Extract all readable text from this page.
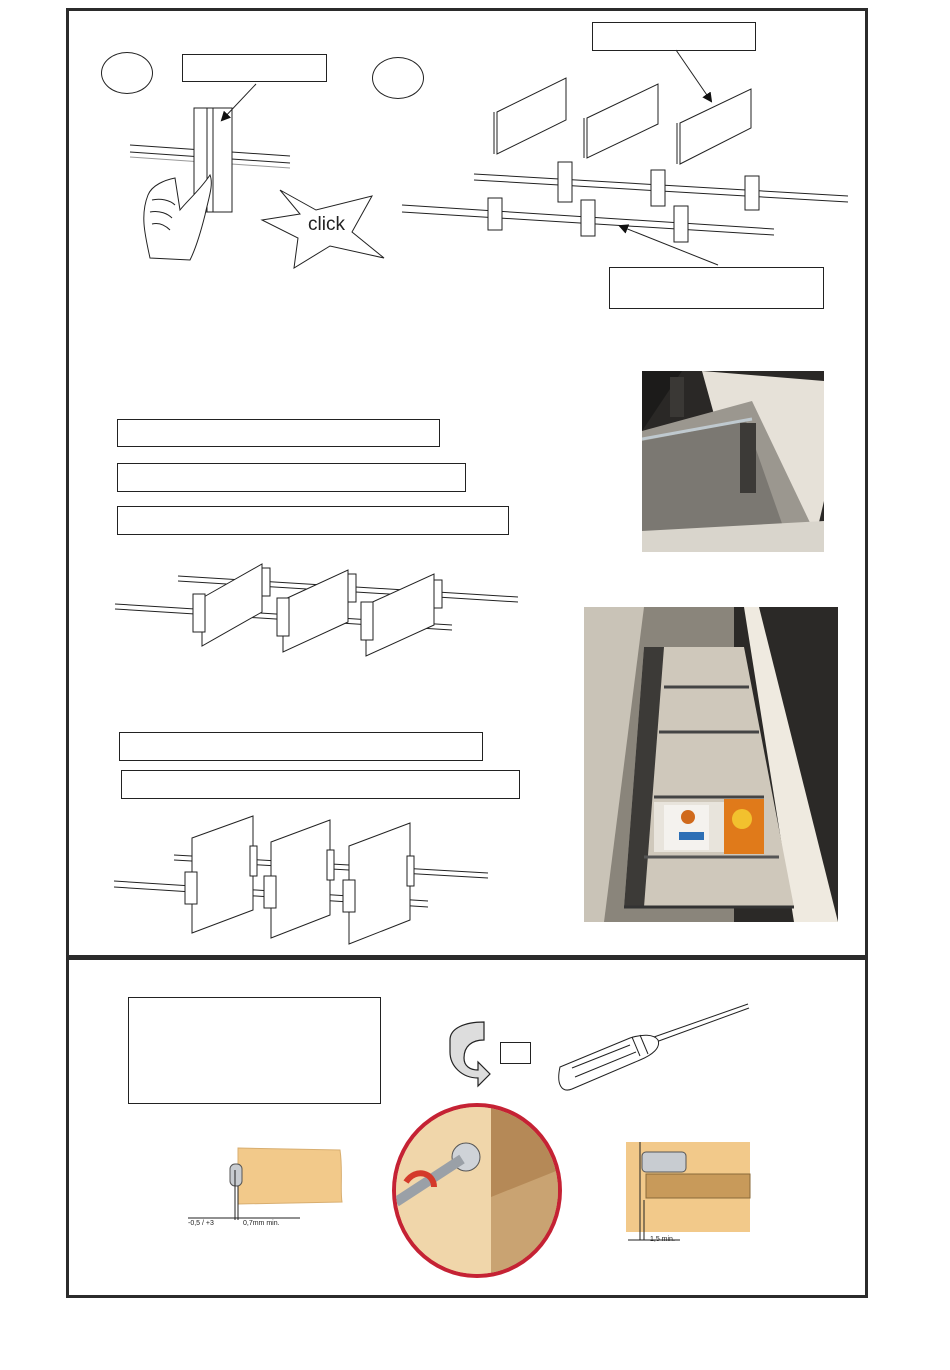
click
-0,5 / +3	0,7mm min.
1,5 min.
